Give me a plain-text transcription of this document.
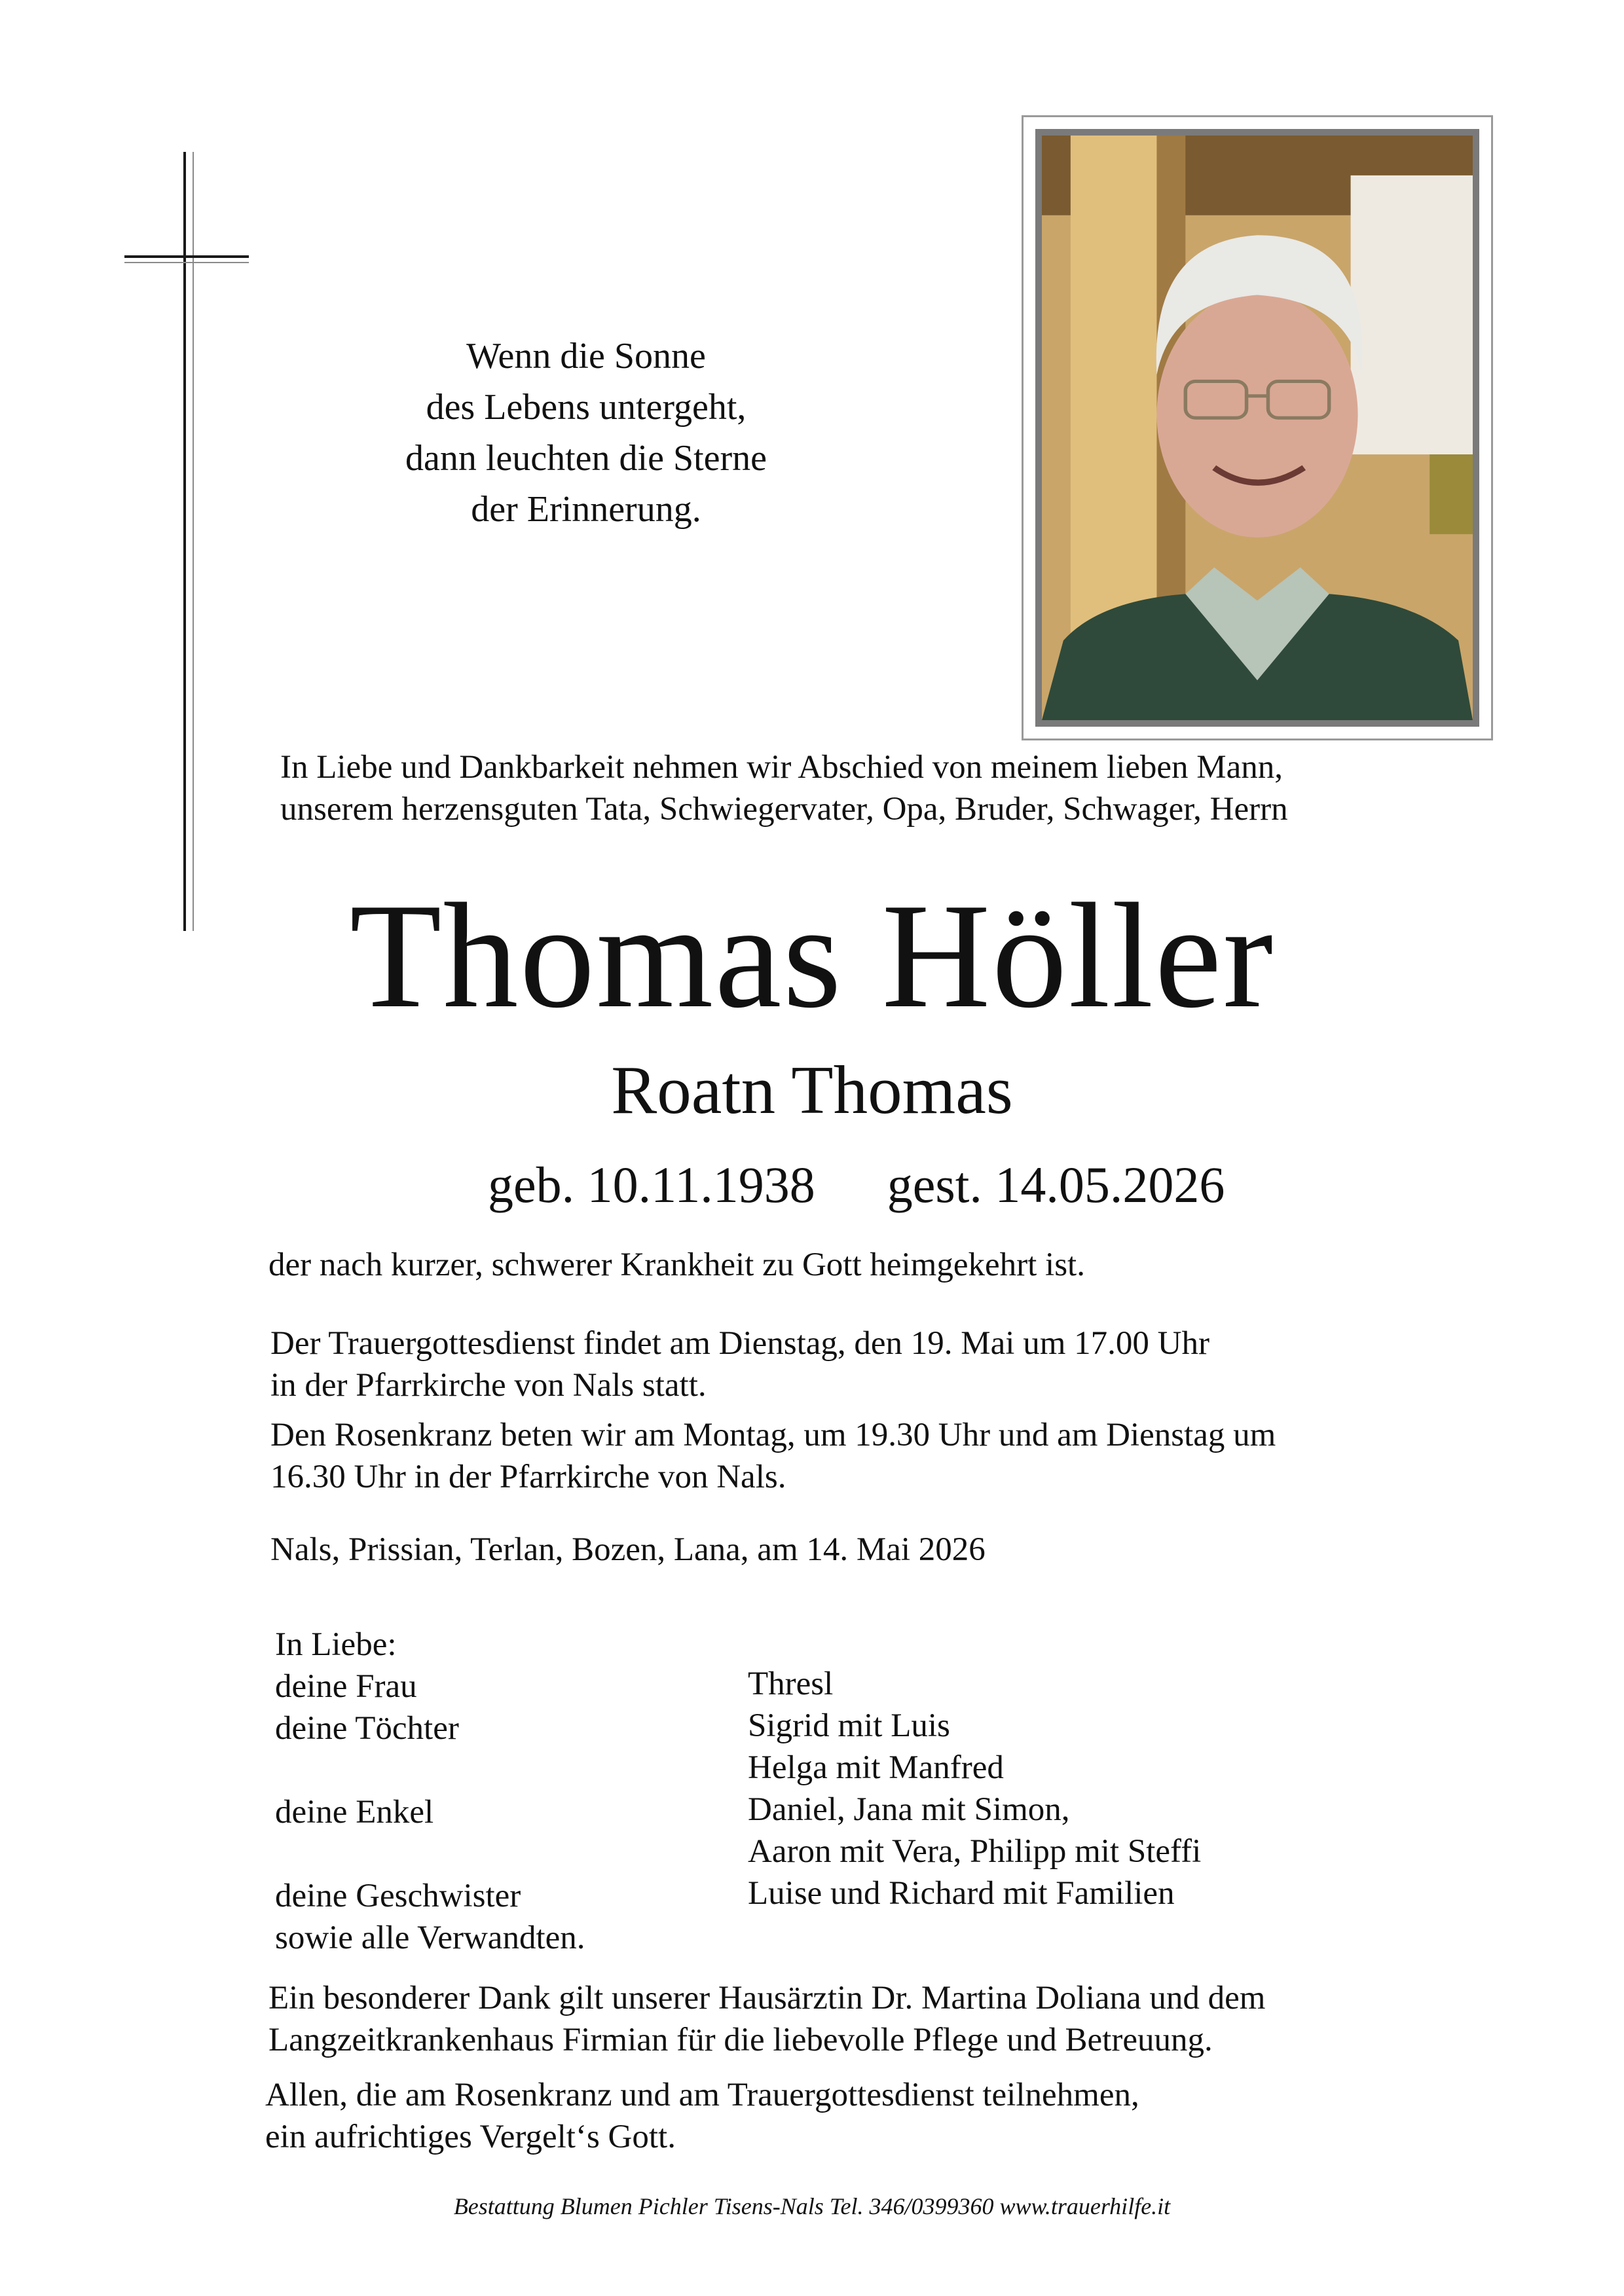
Wenn die Sonne
des Lebens untergeht,
dann leuchten die Sterne
der Erinnerung.
In Liebe und Dankbarkeit nehmen wir Abschied von meinem lieben Mann,
unserem herzensguten Tata, Schwiegervater, Opa, Bruder, Schwager, Herrn
Thomas Höller
Roatn Thomas
geb. 10.11.1938 gest. 14.05.2026
der nach kurzer, schwerer Krankheit zu Gott heimgekehrt ist.
Der Trauergottesdienst findet am Dienstag, den 19. Mai um 17.00 Uhr
in der Pfarrkirche von Nals statt.
Den Rosenkranz beten wir am Montag, um 19.30 Uhr und am Dienstag um
16.30 Uhr in der Pfarrkirche von Nals.
Nals, Prissian, Terlan, Bozen, Lana, am 14. Mai 2026
In Liebe:
deine Frau
deine Töchter
deine Enkel
deine Geschwister
sowie alle Verwandten.
Thresl
Sigrid mit Luis
Helga mit Manfred
Daniel, Jana mit Simon,
Aaron mit Vera, Philipp mit Steffi
Luise und Richard mit Familien
Ein besonderer Dank gilt unserer Hausärztin Dr. Martina Doliana und dem
Langzeitkrankenhaus Firmian für die liebevolle Pflege und Betreuung.
Allen, die am Rosenkranz und am Trauergottesdienst teilnehmen,
ein aufrichtiges Vergelt‘s Gott.
Bestattung Blumen Pichler Tisens-Nals Tel. 346/0399360 www.trauerhilfe.it
